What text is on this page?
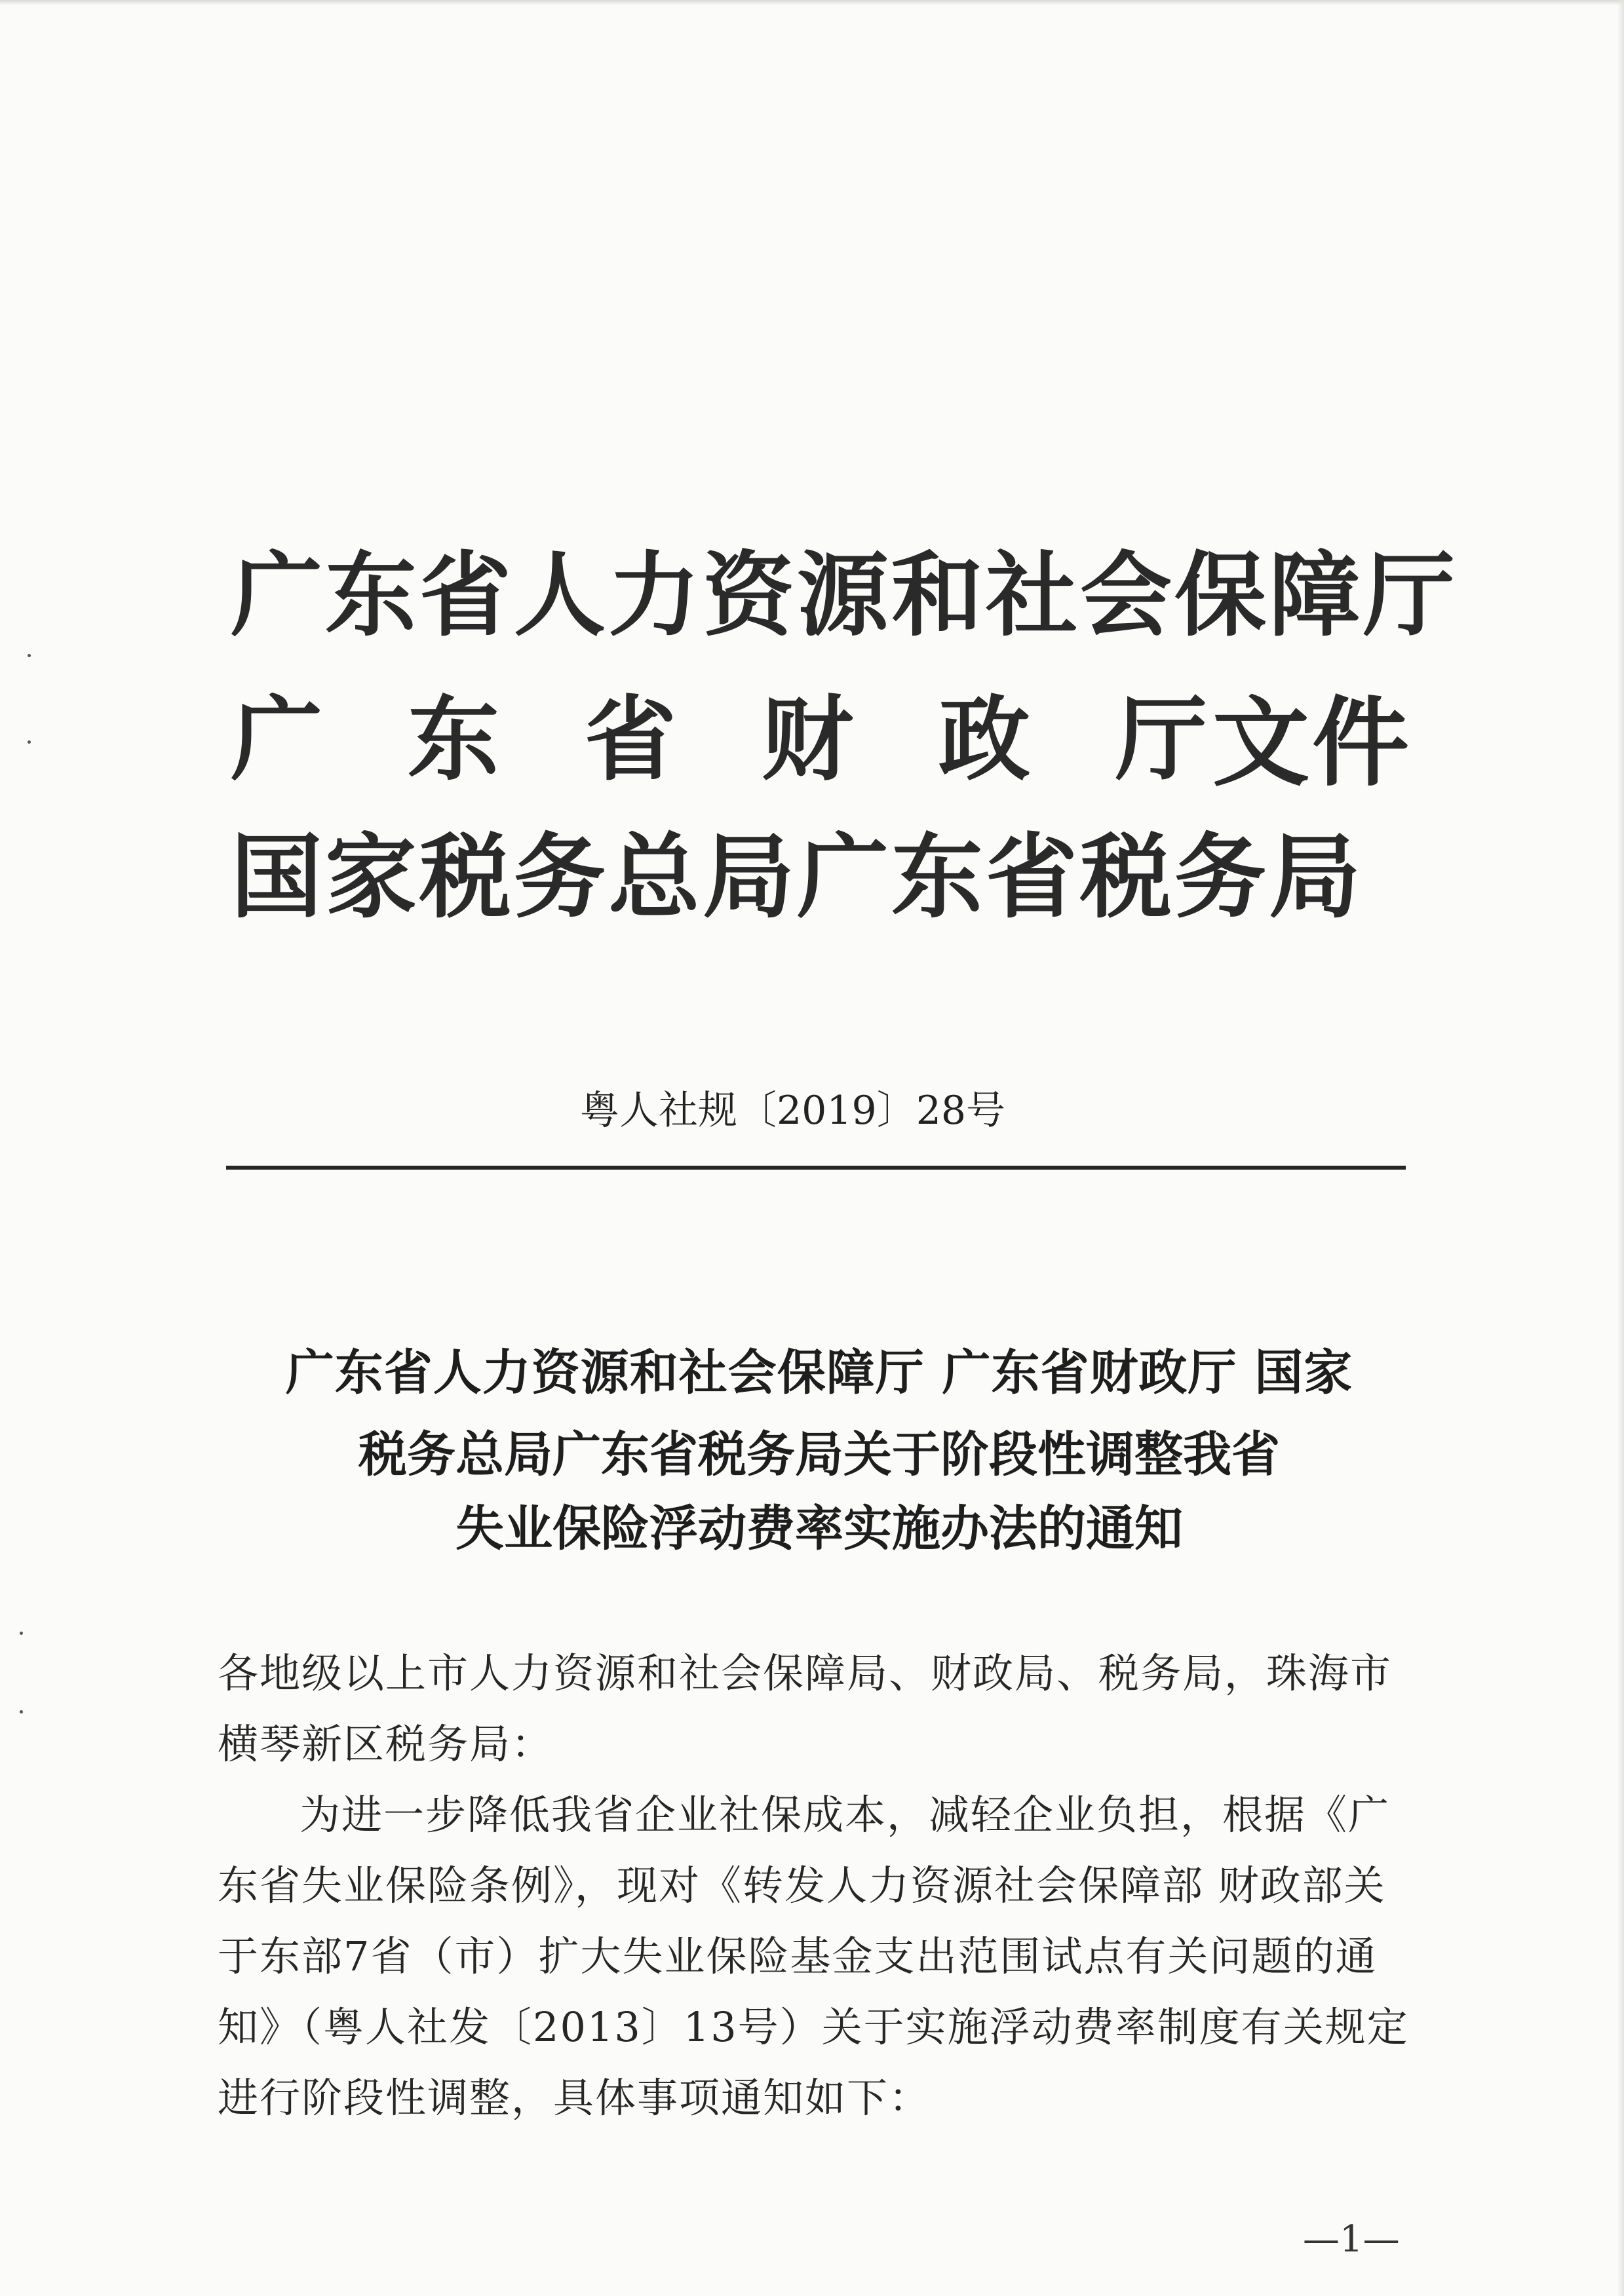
广东省人力资源和社会保障厅
广 东 省 财 政 厅 文件
国家税务总局广东省税务局
粤人社规〔2019〕28号
广东省人力资源和社会保障厅 广东省财政厅 国家
税务总局广东省税务局关于阶段性调整我省
失业保险浮动费率实施办法的通知
各地级以上市人力资源和社会保障局、财政局、税务局，珠海市
横琴新区税务局：
为进一步降低我省企业社保成本，减轻企业负担，根据《广
东省失业保险条例》，现对《转发人力资源社会保障部 财政部关
于东部7省（市）扩大失业保险基金支出范围试点有关问题的通
知》（粤人社发〔2013〕13号）关于实施浮动费率制度有关规定
进行阶段性调整，具体事项通知如下：
—1—
